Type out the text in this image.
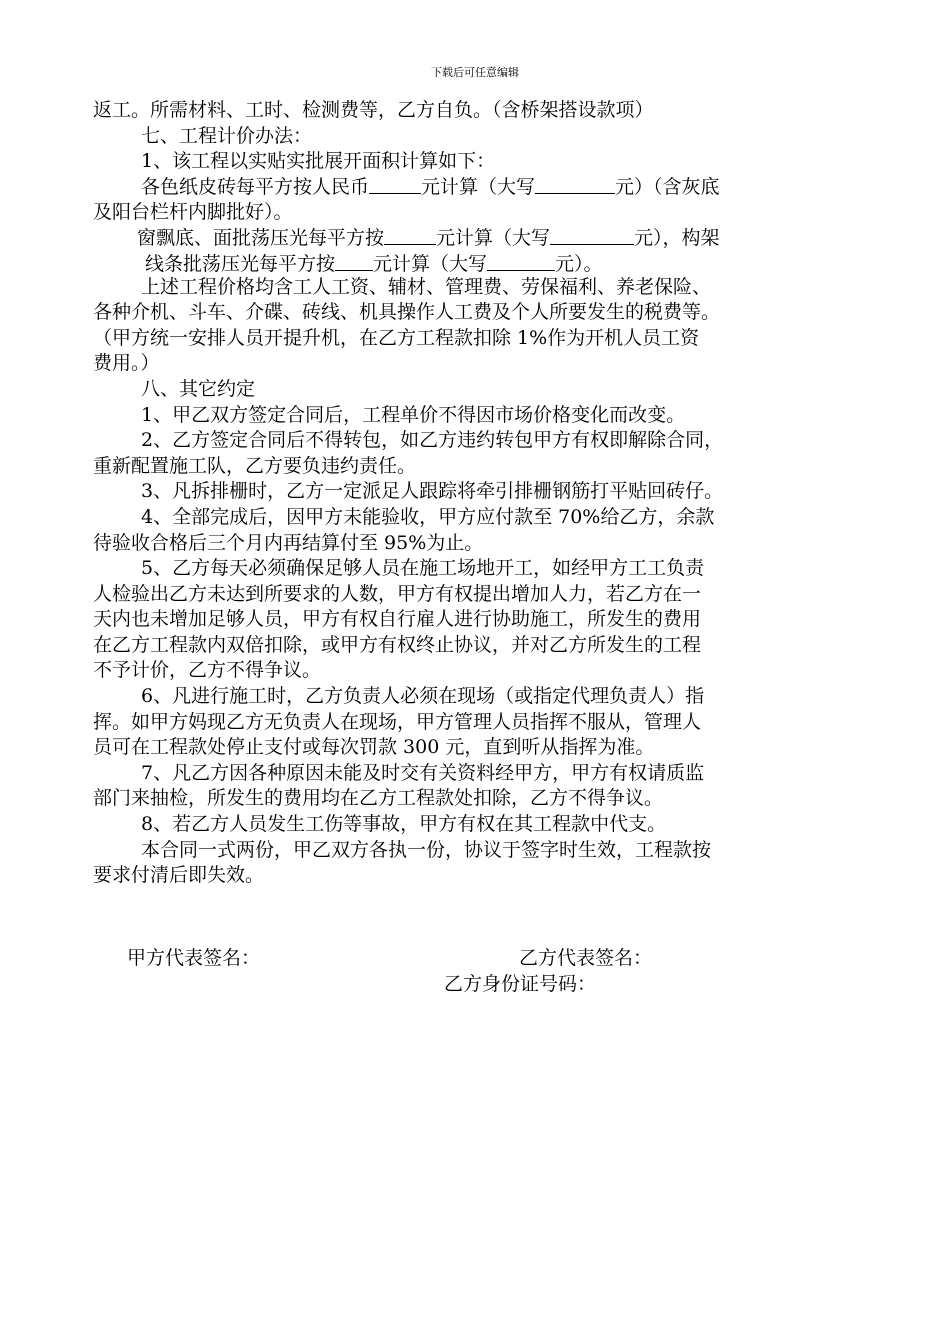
下载后可任意编辑

返工。所需材料、工时、检测费等，乙方自负。（含桥架搭设款项）

七、工程计价办法：

1、该工程以实贴实批展开面积计算如下：

各色纸皮砖每平方按人民币	元计算（大写	元）（含灰底

及阳台栏杆内脚批好）。

窗飘底、面批荡压光每平方按	元计算（大写	元），构架

线条批荡压光每平方按 元计算（大写	元）。

上述工程价格均含工人工资、辅材、管理费、劳保福利、养老保险、

各种介机、斗车、介碟、砖线、机具操作人工费及个人所要发生的税费等。

（甲方统一安排人员开提升机，在乙方工程款扣除 1%作为开机人员工资

费用。）

八、其它约定

1、甲乙双方签定合同后，工程单价不得因市场价格变化而改变。

2、乙方签定合同后不得转包，如乙方违约转包甲方有权即解除合同，

重新配置施工队，乙方要负违约责任。

3、凡拆排栅时，乙方一定派足人跟踪将牵引排栅钢筋打平贴回砖仔。

4、全部完成后，因甲方未能验收，甲方应付款至 70%给乙方，余款

待验收合格后三个月内再结算付至 95%为止。

5、乙方每天必须确保足够人员在施工场地开工，如经甲方工工负责

人检验出乙方未达到所要求的人数，甲方有权提出增加人力，若乙方在一

天内也未增加足够人员，甲方有权自行雇人进行协助施工，所发生的费用

在乙方工程款内双倍扣除，或甲方有权终止协议，并对乙方所发生的工程

不予计价，乙方不得争议。

6、凡进行施工时，乙方负责人必须在现场（或指定代理负责人）指

挥。如甲方妈现乙方无负责人在现场，甲方管理人员指挥不服从，管理人

员可在工程款处停止支付或每次罚款 300 元，直到听从指挥为准。

7、凡乙方因各种原因未能及时交有关资料经甲方，甲方有权请质监

部门来抽检，所发生的费用均在乙方工程款处扣除，乙方不得争议。

8、若乙方人员发生工伤等事故，甲方有权在其工程款中代支。

本合同一式两份，甲乙双方各执一份，协议于签字时生效，工程款按

要求付清后即失效。

甲方代表签名：	乙方代表签名：
乙方身份证号码：
